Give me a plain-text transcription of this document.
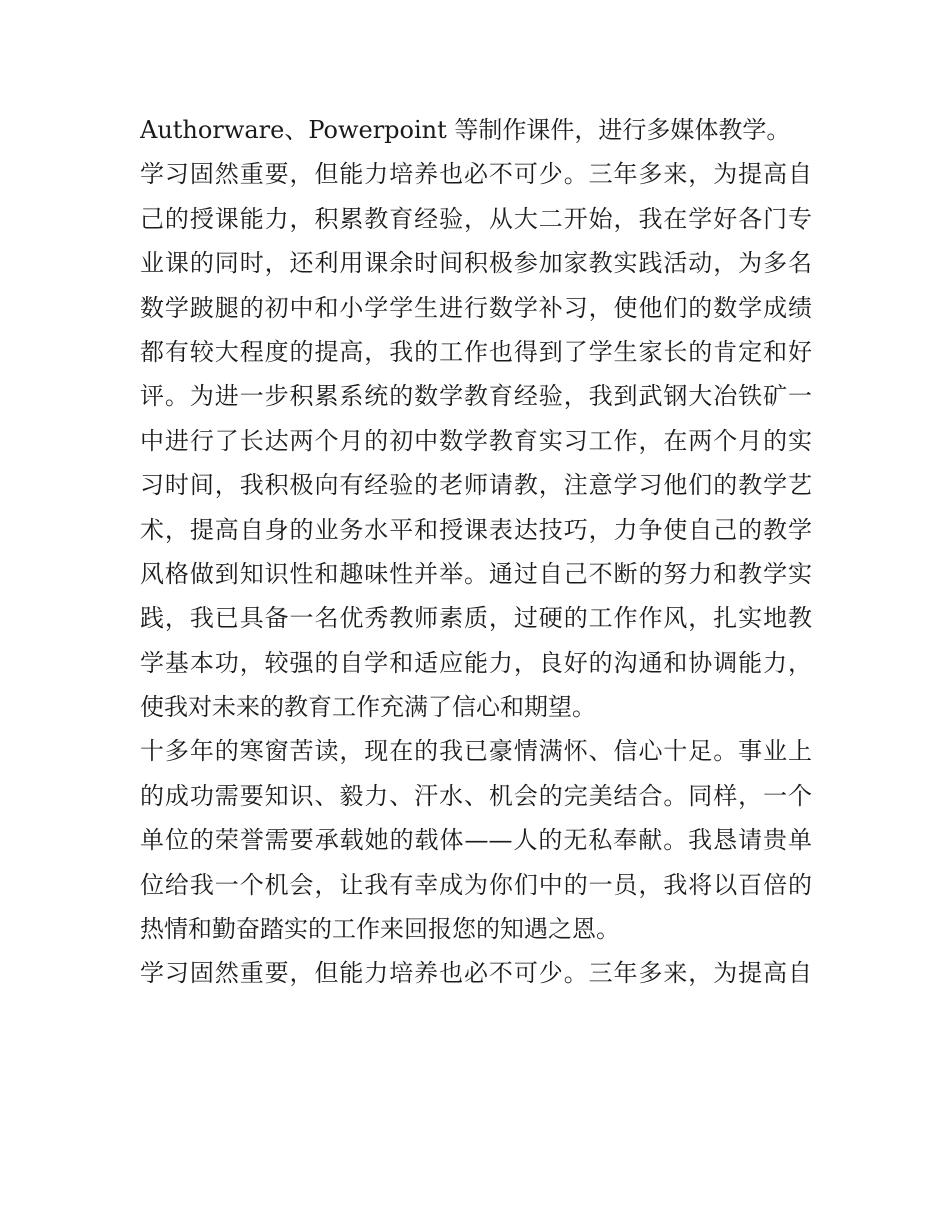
Authorware、Powerpoint 等制作课件，进行多媒体教学。
学习固然重要，但能力培养也必不可少。三年多来，为提高自
己的授课能力，积累教育经验，从大二开始，我在学好各门专
业课的同时，还利用课余时间积极参加家教实践活动，为多名
数学跛腿的初中和小学学生进行数学补习，使他们的数学成绩
都有较大程度的提高，我的工作也得到了学生家长的肯定和好
评。为进一步积累系统的数学教育经验，我到武钢大冶铁矿一
中进行了长达两个月的初中数学教育实习工作，在两个月的实
习时间，我积极向有经验的老师请教，注意学习他们的教学艺
术，提高自身的业务水平和授课表达技巧，力争使自己的教学
风格做到知识性和趣味性并举。通过自己不断的努力和教学实
践，我已具备一名优秀教师素质，过硬的工作作风，扎实地教
学基本功，较强的自学和适应能力，良好的沟通和协调能力，
使我对未来的教育工作充满了信心和期望。
十多年的寒窗苦读，现在的我已豪情满怀、信心十足。事业上
的成功需要知识、毅力、汗水、机会的完美结合。同样，一个
单位的荣誉需要承载她的载体——人的无私奉献。我恳请贵单
位给我一个机会，让我有幸成为你们中的一员，我将以百倍的
热情和勤奋踏实的工作来回报您的知遇之恩。
学习固然重要，但能力培养也必不可少。三年多来，为提高自
